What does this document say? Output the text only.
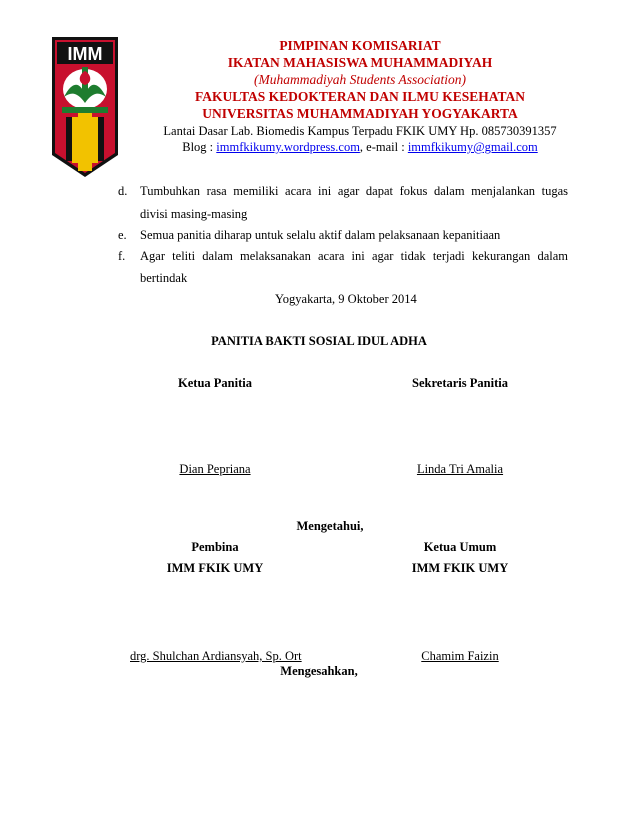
IMM	PIMPINAN KOMISARIAT
IKATAN MAHASISWA MUHAMMADIYAH
(Muhammadiyah Students Association)
FAKULTAS KEDOKTERAN DAN ILMU KESEHATAN
UNIVERSITAS MUHAMMADIYAH YOGYAKARTA
Lantai Dasar Lab. Biomedis Kampus Terpadu FKIK UMY Hp. 085730391357
Blog : immfkikumy.wordpress.com, e-mail : immfkikumy@gmail.com
d. Tumbuhkan rasa memiliki acara ini agar dapat fokus dalam menjalankan tugas
divisi masing-masing
e. Semua panitia diharap untuk selalu aktif dalam pelaksanaan kepanitiaan
f. Agar teliti dalam melaksanakan acara ini agar tidak terjadi kekurangan dalam
bertindak
Yogyakarta, 9 Oktober 2014
PANITIA BAKTI SOSIAL IDUL ADHA
Ketua Panitia	Sekretaris Panitia
Dian Pepriana	Linda Tri Amalia
Mengetahui,
Pembina	Ketua Umum
IMM FKIK UMY	IMM FKIK UMY
drg. Shulchan Ardiansyah, Sp. Ort	Chamim Faizin
Mengesahkan,
